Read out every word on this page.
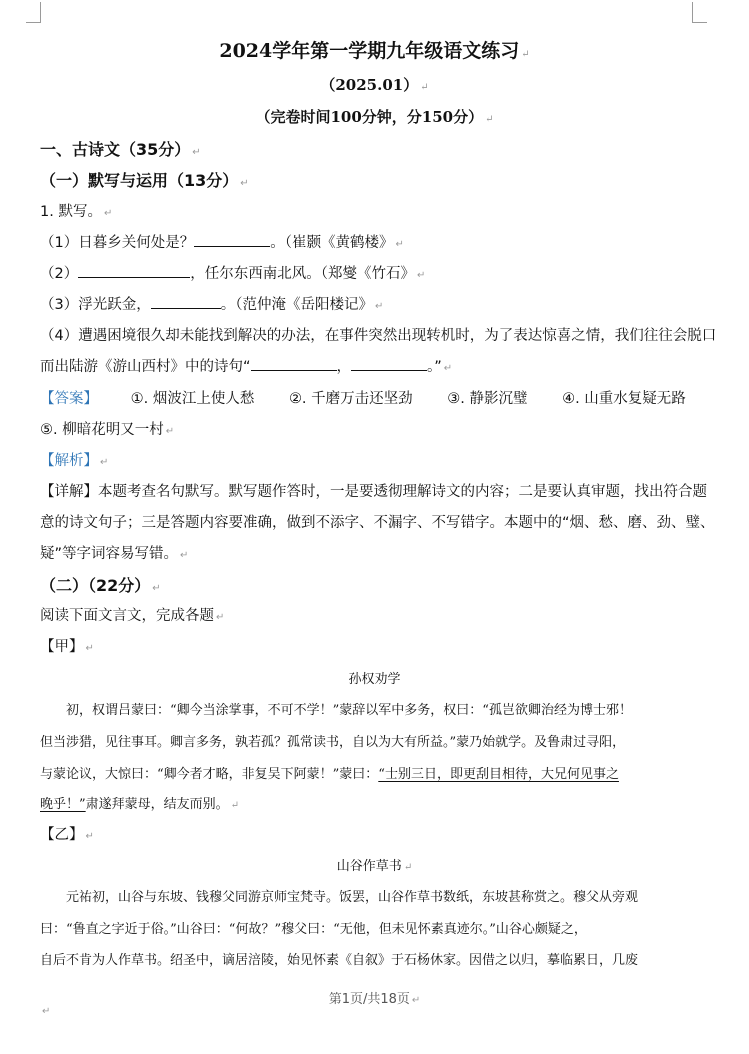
2024学年第一学期九年级语文练习 ↵
（2025.01） ↵
（完卷时间100分钟，分150分） ↵
一、古诗文（35分） ↵
（一）默写与运用（13分） ↵
1. 默写。 ↵
（1）日暮乡关何处是？	。（崔颢《黄鹤楼》 ↵
（2）	，任尔东西南北风。（郑燮《竹石》 ↵
（3）浮光跃金，	。（范仲淹《岳阳楼记》 ↵
（4）遭遇困境很久却未能找到解决的办法，在事件突然出现转机时，为了表达惊喜之情，我们往往会脱口
而出陆游《游山西村》中的诗句“	，	。” ↵
【答案】 ①. 烟波江上使人愁 ②. 千磨万击还坚劲 ③. 静影沉璧 ④. 山重水复疑无路
⑤. 柳暗花明又一村 ↵
【解析】 ↵
【详解】本题考查名句默写。默写题作答时，一是要透彻理解诗文的内容；二是要认真审题，找出符合题
意的诗文句子；三是答题内容要准确，做到不添字、不漏字、不写错字。本题中的“烟、愁、磨、劲、璧、
疑”等字词容易写错。 ↵
（二）（22分） ↵
阅读下面文言文，完成各题 ↵
【甲】 ↵
孙权劝学
初，权谓吕蒙曰：“卿今当涂掌事，不可不学！”蒙辞以军中多务，权曰：“孤岂欲卿治经为博士邪！
但当涉猎，见往事耳。卿言多务，孰若孤？孤常读书，自以为大有所益。”蒙乃始就学。及鲁肃过寻阳，
与蒙论议，大惊曰：“卿今者才略，非复吴下阿蒙！”蒙曰：“士别三日，即更刮目相待，大兄何见事之
晚乎！”肃遂拜蒙母，结友而别。 ↵
【乙】 ↵
山谷作草书 ↵
元祐初，山谷与东坡、钱穆父同游京师宝梵寺。饭罢，山谷作草书数纸，东坡甚称赏之。穆父从旁观
曰：“鲁直之字近于俗。”山谷曰：“何故？”穆父曰：“无他，但未见怀素真迹尔。”山谷心颇疑之，
自后不肯为人作草书。绍圣中，谪居涪陵，始见怀素《自叙》于石杨休家。因借之以归，摹临累日，几废
第1页/共18页 ↵
↵
